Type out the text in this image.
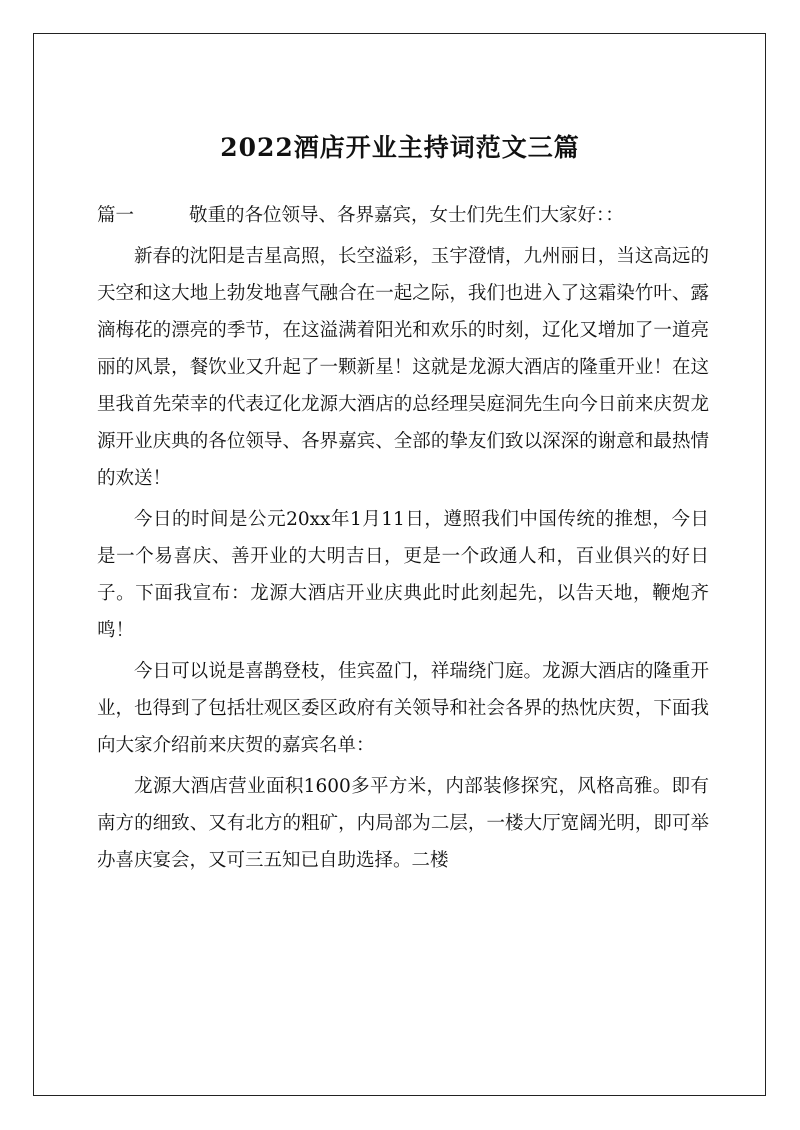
2022酒店开业主持词范文三篇

篇一	敬重的各位领导、各界嘉宾，女士们先生们大家好：：

新春的沈阳是吉星高照，长空溢彩，玉宇澄情，九州丽日，当这高远的天空和这大地上勃发地喜气融合在一起之际，我们也进入了这霜染竹叶、露滴梅花的漂亮的季节，在这溢满着阳光和欢乐的时刻，辽化又增加了一道亮丽的风景，餐饮业又升起了一颗新星！这就是龙源大酒店的隆重开业！在这里我首先荣幸的代表辽化龙源大酒店的总经理吴庭洞先生向今日前来庆贺龙源开业庆典的各位领导、各界嘉宾、全部的挚友们致以深深的谢意和最热情的欢送！

今日的时间是公元20xx年1月11日，遵照我们中国传统的推想，今日是一个易喜庆、善开业的大明吉日，更是一个政通人和，百业俱兴的好日子。下面我宣布：龙源大酒店开业庆典此时此刻起先，以告天地，鞭炮齐鸣！

今日可以说是喜鹊登枝，佳宾盈门，祥瑞绕门庭。龙源大酒店的隆重开业，也得到了包括壮观区委区政府有关领导和社会各界的热忱庆贺，下面我向大家介绍前来庆贺的嘉宾名单：

龙源大酒店营业面积1600多平方米，内部装修探究，风格高雅。即有南方的细致、又有北方的粗矿，内局部为二层，一楼大厅宽阔光明，即可举办喜庆宴会，又可三五知已自助选择。二楼
